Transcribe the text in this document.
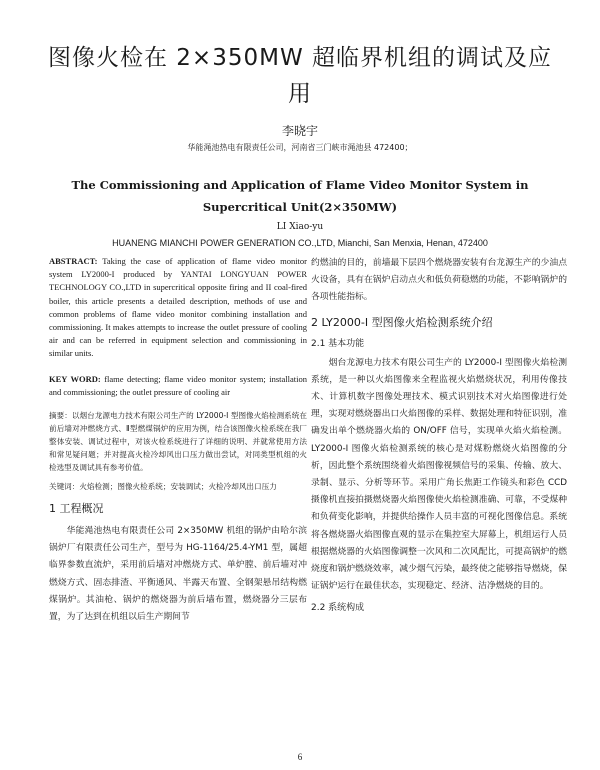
图像火检在 2×350MW 超临界机组的调试及应用
李晓宇
华能渑池热电有限责任公司，河南省三门峡市渑池县 472400；
The Commissioning and Application of Flame Video Monitor System in Supercritical Unit(2×350MW)
LI Xiao-yu
HUANENG MIANCHI POWER GENERATION CO.,LTD, Mianchi, San Menxia, Henan, 472400

ABSTRACT: Taking the case of application of flame video monitor system LY2000-I produced by YANTAI LONGYUAN POWER TECHNOLOGY CO.,LTD in supercritical opposite firing and II coal-fired boiler, this article presents a detailed description, methods of use and common problems of flame video monitor combining installation and commissioning. It makes attempts to increase the outlet pressure of cooling air and can be referred in equipment selection and commissioning in similar units.

KEY WORD: flame detecting; flame video monitor system; installation and commissioning; the outlet pressure of cooling air

摘要：以烟台龙源电力技术有限公司生产的 LY2000-I 型图像火焰检测系统在前后墙对冲燃烧方式、Ⅱ型燃煤锅炉的应用为例，结合该图像火检系统在我厂整体安装、调试过程中，对该火检系统进行了详细的说明、并就常使用方法和常见疑问题；并对提高火检冷却风出口压力做出尝试，对同类型机组的火检选型及调试具有参考价值。

关键词：火焰检测；图像火检系统；安装调试；火检冷却风出口压力

1 工程概况

华能渑池热电有限责任公司 2×350MW 机组的锅炉由哈尔滨锅炉厂有限责任公司生产，型号为 HG-1164/25.4-YM1 型，属超临界参数直流炉，采用前后墙对冲燃烧方式、单炉膛、前后墙对冲燃烧方式、固态排渣、平衡通风、半露天布置、全钢架悬吊结构燃煤锅炉。其油枪、锅炉的燃烧器为前后墙布置，燃烧器分三层布置，为了达到在机组以后生产期间节

约燃油的目的，前墙最下层四个燃烧器安装有台龙源生产的少油点火设备，具有在锅炉启动点火和低负荷稳燃的功能，不影响锅炉的各项性能指标。

2 LY2000-I 型图像火焰检测系统介绍
2.1 基本功能

烟台龙源电力技术有限公司生产的 LY2000-I 型图像火焰检测系统，是一种以火焰图像来全程监视火焰燃烧状况，利用传像技术、计算机数字图像处理技术、模式识别技术对火焰图像进行处理，实现对燃烧器出口火焰图像的采样、数据处理和特征识别，准确发出单个燃烧器火焰的 ON/OFF 信号，实现单火焰火焰检测。LY2000-I 图像火焰检测系统的核心是对煤粉燃烧火焰图像的分析，因此整个系统围绕着火焰图像视频信号的采集、传输、放大、录制、显示、分析等环节。采用广角长焦距工作镜头和彩色 CCD 摄像机直接拍摄燃烧器火焰图像使火焰检测准确、可靠，不受煤种和负荷变化影响，并提供给操作人员丰富的可视化图像信息。系统将各燃烧器火焰图像直观的显示在集控室大屏幕上，机组运行人员根据燃烧器的火焰图像调整一次风和二次风配比，可提高锅炉的燃烧度和锅炉燃烧效率，减少烟气污染，最终使之能够指导燃烧，保证锅炉运行在最佳状态，实现稳定、经济、洁净燃烧的目的。

2.2 系统构成
6
